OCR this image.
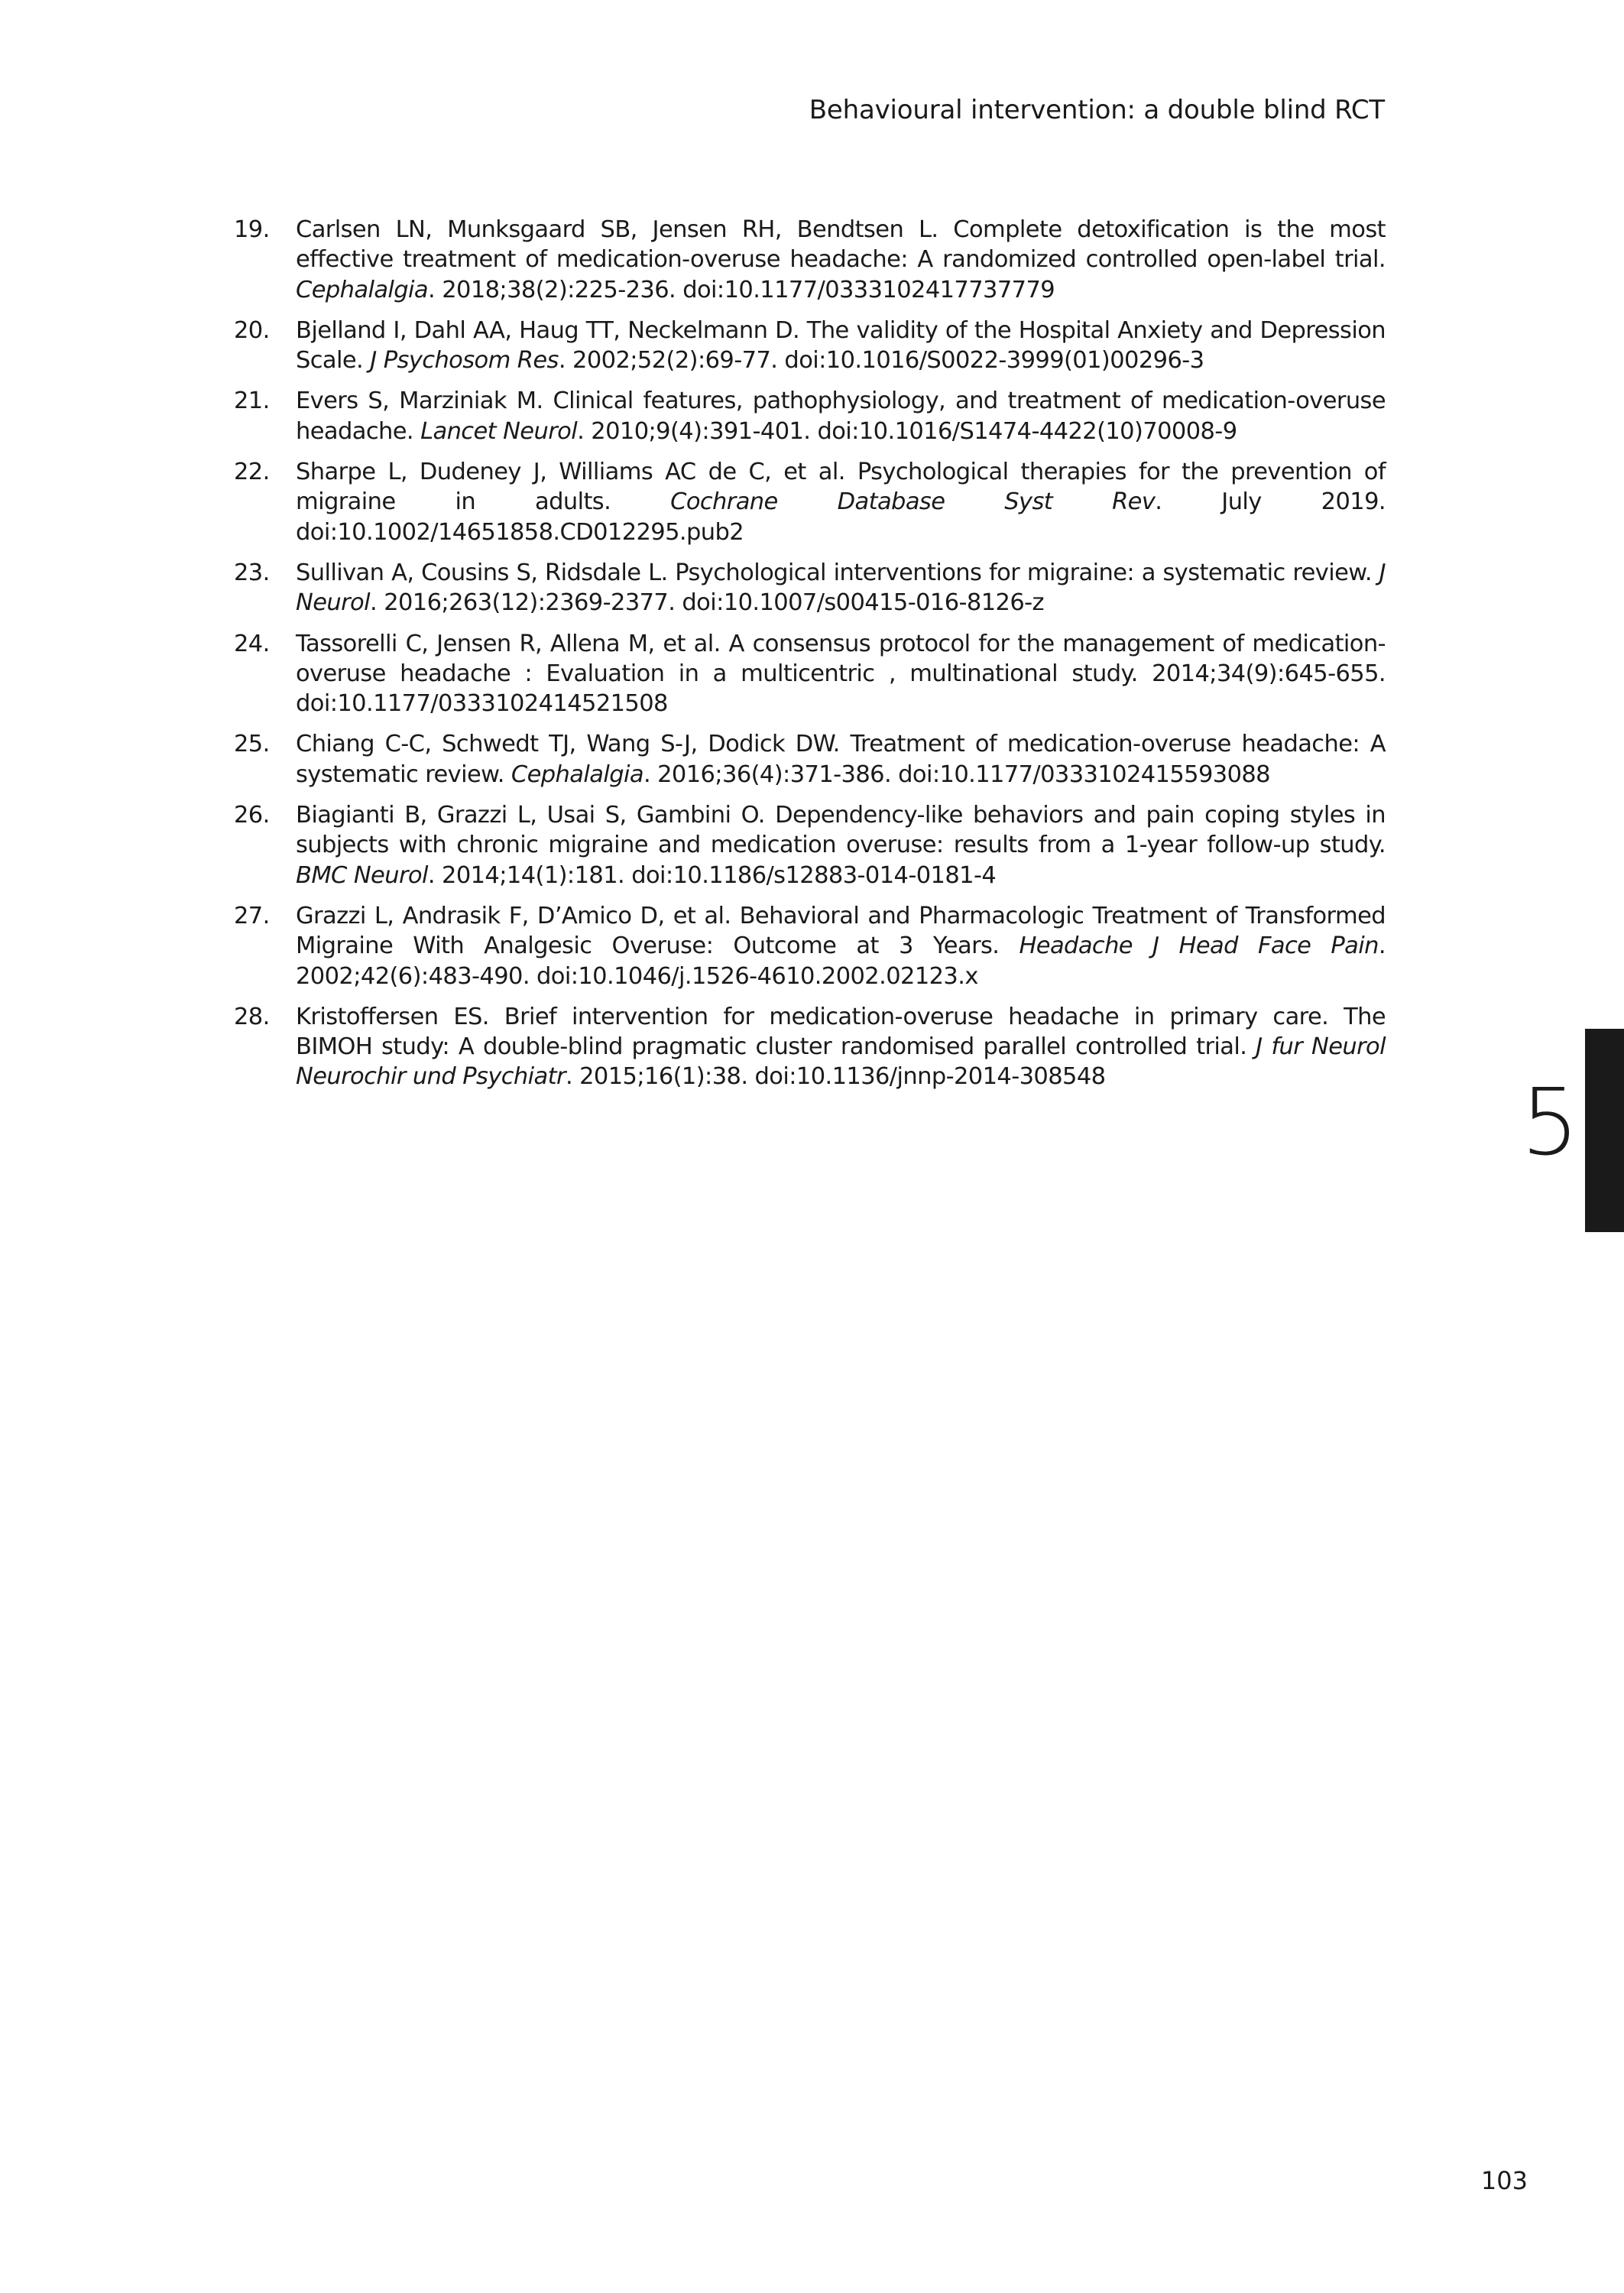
Behavioural intervention: a double blind RCT
19.	Carlsen LN, Munksgaard SB, Jensen RH, Bendtsen L. Complete detoxification is the most effective treatment of medication-overuse headache: A randomized controlled open-label trial. Cephalalgia. 2018;38(2):225-236. doi:10.1177/0333102417737779
20.	Bjelland I, Dahl AA, Haug TT, Neckelmann D. The validity of the Hospital Anxiety and Depression Scale. J Psychosom Res. 2002;52(2):69-77. doi:10.1016/S0022-3999(01)00296-3
21.	Evers S, Marziniak M. Clinical features, pathophysiology, and treatment of medication-overuse headache. Lancet Neurol. 2010;9(4):391-401. doi:10.1016/S1474-4422(10)70008-9
22.	Sharpe L, Dudeney J, Williams AC de C, et al. Psychological therapies for the prevention of migraine in adults. Cochrane Database Syst Rev. July 2019. doi:10.1002/14651858.CD012295.pub2
23.	Sullivan A, Cousins S, Ridsdale L. Psychological interventions for migraine: a systematic review. J Neurol. 2016;263(12):2369-2377. doi:10.1007/s00415-016-8126-z
24.	Tassorelli C, Jensen R, Allena M, et al. A consensus protocol for the management of medication-overuse headache : Evaluation in a multicentric , multinational study. 2014;34(9):645-655. doi:10.1177/0333102414521508
25.	Chiang C-C, Schwedt TJ, Wang S-J, Dodick DW. Treatment of medication-overuse headache: A systematic review. Cephalalgia. 2016;36(4):371-386. doi:10.1177/0333102415593088
26.	Biagianti B, Grazzi L, Usai S, Gambini O. Dependency-like behaviors and pain coping styles in subjects with chronic migraine and medication overuse: results from a 1-year follow-up study. BMC Neurol. 2014;14(1):181. doi:10.1186/s12883-014-0181-4
27.	Grazzi L, Andrasik F, D’Amico D, et al. Behavioral and Pharmacologic Treatment of Transformed Migraine With Analgesic Overuse: Outcome at 3 Years. Headache J Head Face Pain. 2002;42(6):483-490. doi:10.1046/j.1526-4610.2002.02123.x
28.	Kristoffersen ES. Brief intervention for medication-overuse headache in primary care. The BIMOH study: A double-blind pragmatic cluster randomised parallel controlled trial. J fur Neurol Neurochir und Psychiatr. 2015;16(1):38. doi:10.1136/jnnp-2014-308548	5
103
